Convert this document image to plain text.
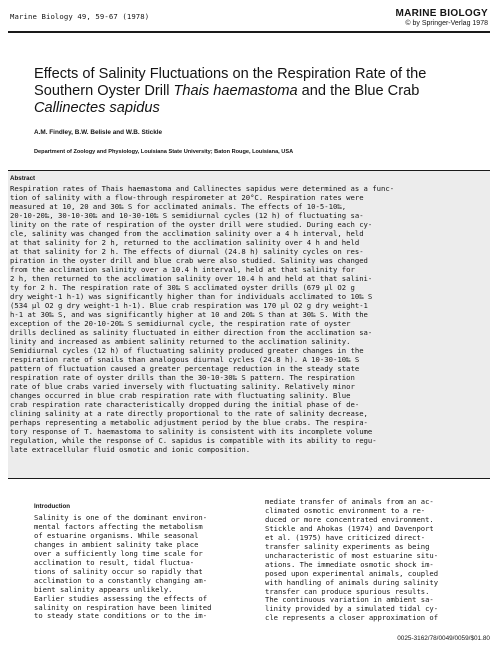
Marine Biology 49, 59-67 (1978)	MARINE BIOLOGY
© by Springer-Verlag 1978
Effects of Salinity Fluctuations on the Respiration Rate of the
Southern Oyster Drill Thais haemastoma and the Blue Crab
Callinectes sapidus
A.M. Findley, B.W. Belisle and W.B. Stickle
Department of Zoology and Physiology, Louisiana State University; Baton Rouge, Louisiana, USA
Abstract
Respiration rates of Thais haemastoma and Callinectes sapidus were determined as a func-
tion of salinity with a flow-through respirometer at 20°C. Respiration rates were
measured at 10, 20 and 30‰ S for acclimated animals. The effects of 10-5-10‰,
20-10-20‰, 30-10-30‰ and 10-30-10‰ S semidiurnal cycles (12 h) of fluctuating sa-
linity on the rate of respiration of the oyster drill were studied. During each cy-
cle, salinity was changed from the acclimation salinity over a 4 h interval, held
at that salinity for 2 h, returned to the acclimation salinity over 4 h and held
at that salinity for 2 h. The effects of diurnal (24.8 h) salinity cycles on res-
piration in the oyster drill and blue crab were also studied. Salinity was changed
from the acclimation salinity over a 10.4 h interval, held at that salinity for
2 h, then returned to the acclimation salinity over 10.4 h and held at that salini-
ty for 2 h. The respiration rate of 30‰ S acclimated oyster drills (679 µl O2 g
dry weight-1 h-1) was significantly higher than for individuals acclimated to 10‰ S
(534 µl O2 g dry weight-1 h-1). Blue crab respiration was 170 µl O2 g dry weight-1
h-1 at 30‰ S, and was significantly higher at 10 and 20‰ S than at 30‰ S. With the
exception of the 20-10-20‰ S semidiurnal cycle, the respiration rate of oyster
drills declined as salinity fluctuated in either direction from the acclimation sa-
linity and increased as ambient salinity returned to the acclimation salinity.
Semidiurnal cycles (12 h) of fluctuating salinity produced greater changes in the
respiration rate of snails than analogous diurnal cycles (24.8 h). A 10-30-10‰ S
pattern of fluctuation caused a greater percentage reduction in the steady state
respiration rate of oyster drills than the 30-10-30‰ S pattern. The respiration
rate of blue crabs varied inversely with fluctuating salinity. Relatively minor
changes occurred in blue crab respiration rate with fluctuating salinity. Blue
crab respiration rate characteristically dropped during the initial phase of de-
clining salinity at a rate directly proportional to the rate of salinity decrease,
perhaps representing a metabolic adjustment period by the blue crabs. The respira-
tory response of T. haemastoma to salinity is consistent with its incomplete volume
regulation, while the response of C. sapidus is compatible with its ability to regu-
late extracellular fluid osmotic and ionic composition.
Introduction
Salinity is one of the dominant environ-
mental factors affecting the metabolism
of estuarine organisms. While seasonal
changes in ambient salinity take place
over a sufficiently long time scale for
acclimation to result, tidal fluctua-
tions of salinity occur so rapidly that
acclimation to a constantly changing am-
bient salinity appears unlikely.
Earlier studies assessing the effects of
salinity on respiration have been limited
to steady state conditions or to the im-
mediate transfer of animals from an ac-
climated osmotic environment to a re-
duced or more concentrated environment.
Stickle and Ahokas (1974) and Davenport
et al. (1975) have criticized direct-
transfer salinity experiments as being
uncharacteristic of most estuarine situ-
ations. The immediate osmotic shock im-
posed upon experimental animals, coupled
with handling of animals during salinity
transfer can produce spurious results.
The continuous variation in ambient sa-
linity provided by a simulated tidal cy-
cle represents a closer approximation of
0025-3162/78/0049/0059/$01.80
